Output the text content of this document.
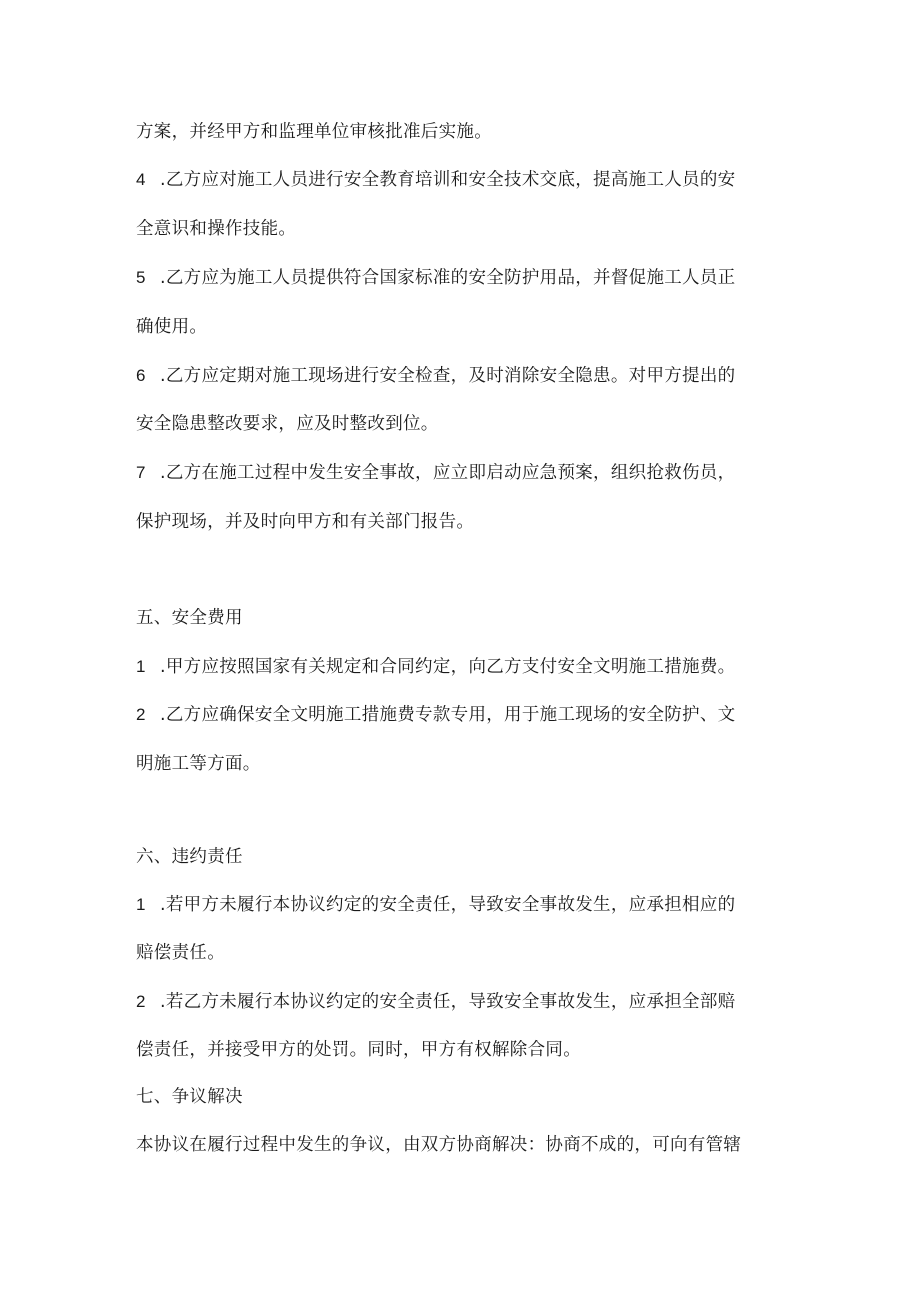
方案，并经甲方和监理单位审核批准后实施。
4 .乙方应对施工人员进行安全教育培训和安全技术交底，提高施工人员的安
全意识和操作技能。
5 .乙方应为施工人员提供符合国家标准的安全防护用品，并督促施工人员正
确使用。
6 .乙方应定期对施工现场进行安全检查，及时消除安全隐患。对甲方提出的
安全隐患整改要求，应及时整改到位。
7 .乙方在施工过程中发生安全事故，应立即启动应急预案，组织抢救伤员，
保护现场，并及时向甲方和有关部门报告。
五、安全费用
1 .甲方应按照国家有关规定和合同约定，向乙方支付安全文明施工措施费。
2 .乙方应确保安全文明施工措施费专款专用，用于施工现场的安全防护、文
明施工等方面。
六、违约责任
1 .若甲方未履行本协议约定的安全责任，导致安全事故发生，应承担相应的
赔偿责任。
2 .若乙方未履行本协议约定的安全责任，导致安全事故发生，应承担全部赔
偿责任，并接受甲方的处罚。同时，甲方有权解除合同。
七、争议解决
本协议在履行过程中发生的争议，由双方协商解决：协商不成的，可向有管辖
